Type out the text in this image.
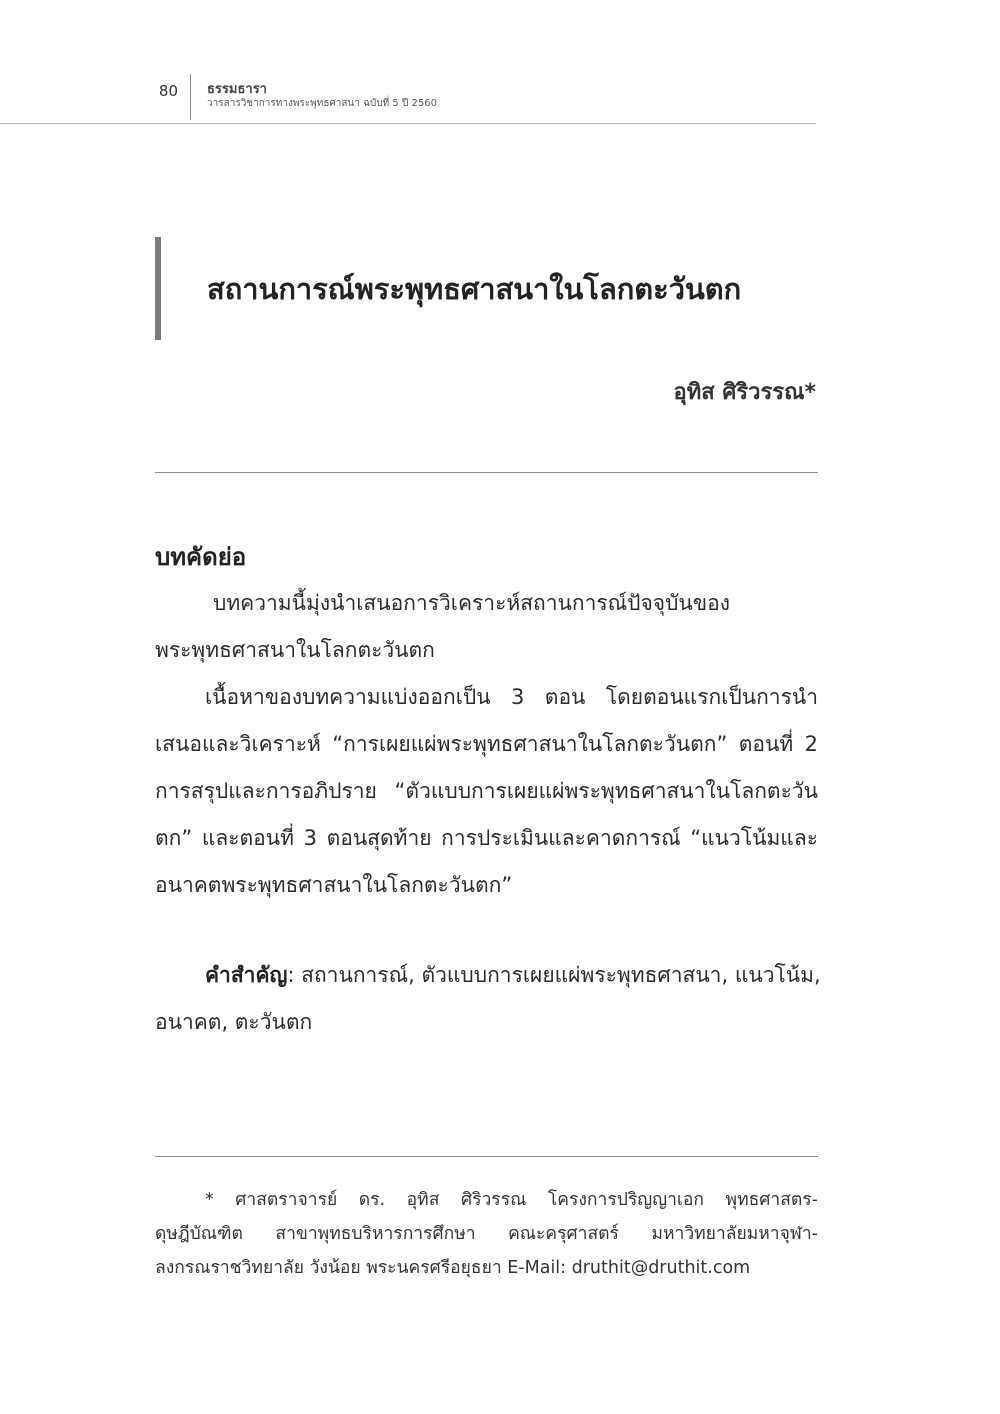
80 ธรรมธารา
วารสารวิชาการทางพระพุทธศาสนา ฉบับที่ 5 ปี 2560
สถานการณ์พระพุทธศาสนาในโลกตะวันตก
อุทิส ศิริวรรณ*
บทคัดย่อ
บทความนี้มุ่งนำเสนอการวิเคราะห์สถานการณ์ปัจจุบันของ
พระพุทธศาสนาในโลกตะวันตก
เนื้อหาของบทความแบ่งออกเป็น 3 ตอน โดยตอนแรกเป็นการนำ
เสนอและวิเคราะห์ “การเผยแผ่พระพุทธศาสนาในโลกตะวันตก” ตอนที่ 2
การสรุปและการอภิปราย “ตัวแบบการเผยแผ่พระพุทธศาสนาในโลกตะวัน
ตก” และตอนที่ 3 ตอนสุดท้าย การประเมินและคาดการณ์ “แนวโน้มและ
อนาคตพระพุทธศาสนาในโลกตะวันตก”
คำสำคัญ: สถานการณ์, ตัวแบบการเผยแผ่พระพุทธศาสนา, แนวโน้ม,
อนาคต, ตะวันตก
* ศาสตราจารย์ ดร. อุทิส ศิริวรรณ โครงการปริญญาเอก พุทธศาสตร-
ดุษฎีบัณฑิต สาขาพุทธบริหารการศึกษา คณะครุศาสตร์ มหาวิทยาลัยมหาจุฬา-
ลงกรณราชวิทยาลัย วังน้อย พระนครศรีอยุธยา E-Mail: druthit@druthit.com
